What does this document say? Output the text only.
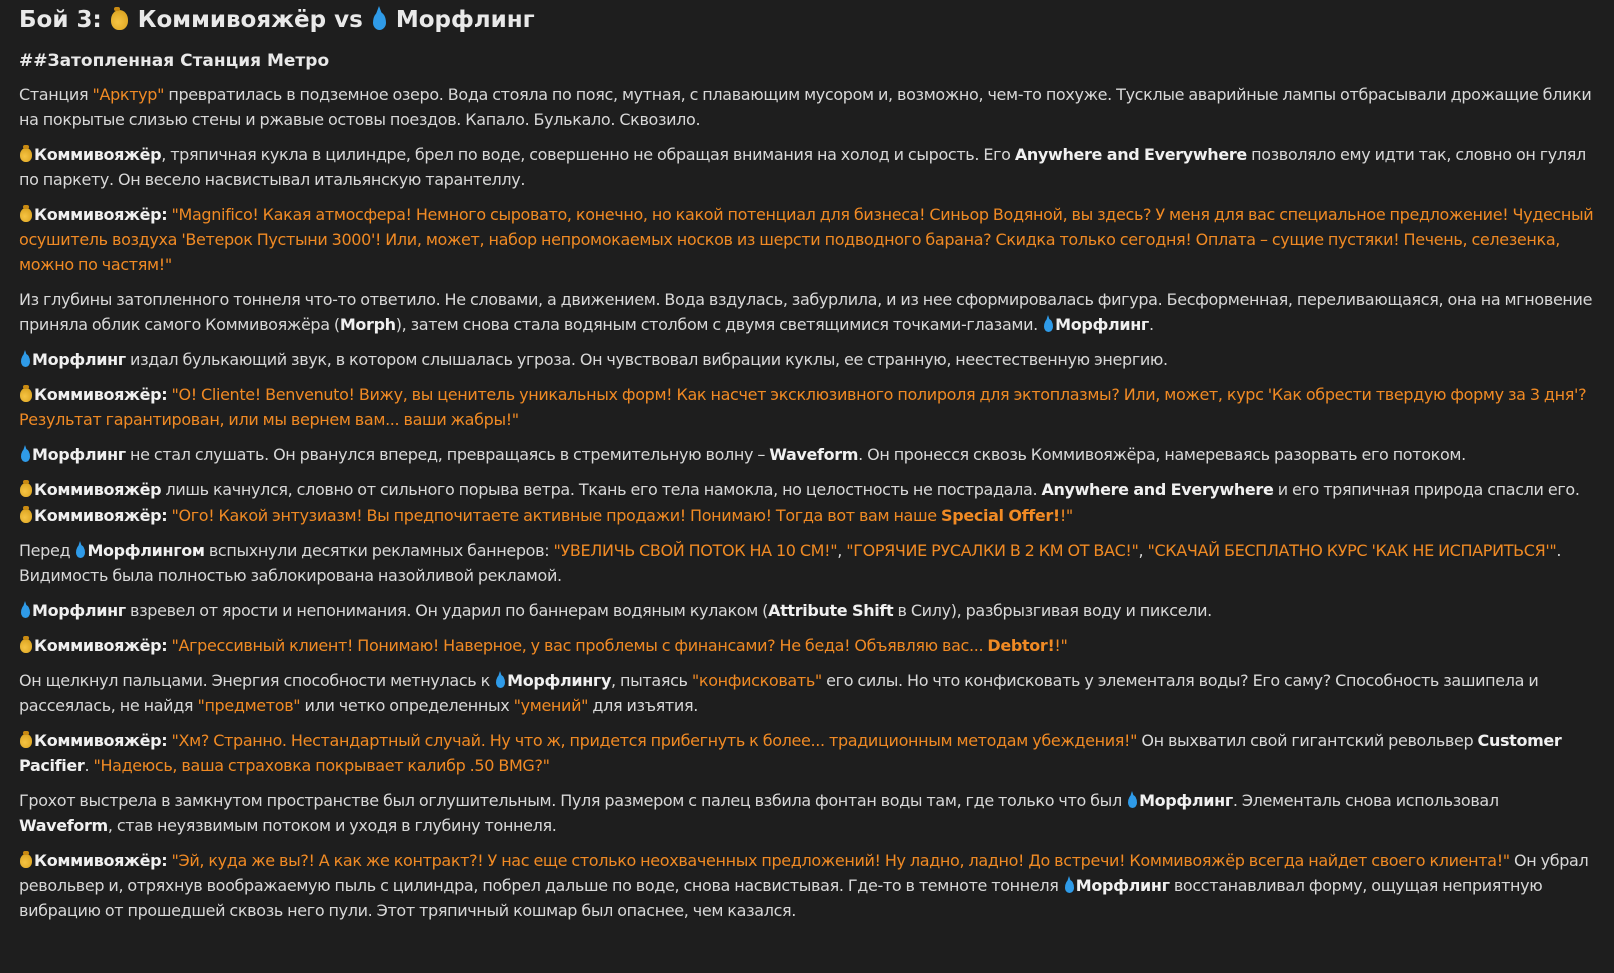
Бой 3:  Коммивояжёр vs  Морфлинг
##Затопленная Станция Метро

Станция "Арктур" превратилась в подземное озеро. Вода стояла по пояс, мутная, с плавающим мусором и, возможно, чем-то похуже. Тусклые аварийные лампы отбрасывали дрожащие блики на покрытые слизью стены и ржавые остовы поездов. Капало. Булькало. Сквозило.

Коммивояжёр, тряпичная кукла в цилиндре, брел по воде, совершенно не обращая внимания на холод и сырость. Его Anywhere and Everywhere позволяло ему идти так, словно он гулял по паркету. Он весело насвистывал итальянскую тарантеллу.

Коммивояжёр: "Magnifico! Какая атмосфера! Немного сыровато, конечно, но какой потенциал для бизнеса! Синьор Водяной, вы здесь? У меня для вас специальное предложение! Чудесный осушитель воздуха 'Ветерок Пустыни 3000'! Или, может, набор непромокаемых носков из шерсти подводного барана? Скидка только сегодня! Оплата – сущие пустяки! Печень, селезенка, можно по частям!"

Из глубины затопленного тоннеля что-то ответило. Не словами, а движением. Вода вздулась, забурлила, и из нее сформировалась фигура. Бесформенная, переливающаяся, она на мгновение приняла облик самого Коммивояжёра (Morph), затем снова стала водяным столбом с двумя светящимися точками-глазами. Морфлинг.

Морфлинг издал булькающий звук, в котором слышалась угроза. Он чувствовал вибрации куклы, ее странную, неестественную энергию.

Коммивояжёр: "O! Cliente! Benvenuto! Вижу, вы ценитель уникальных форм! Как насчет эксклюзивного полироля для эктоплазмы? Или, может, курс 'Как обрести твердую форму за 3 дня'? Результат гарантирован, или мы вернем вам... ваши жабры!"

Морфлинг не стал слушать. Он рванулся вперед, превращаясь в стремительную волну – Waveform. Он пронесся сквозь Коммивояжёра, намереваясь разорвать его потоком.

Коммивояжёр лишь качнулся, словно от сильного порыва ветра. Ткань его тела намокла, но целостность не пострадала. Anywhere and Everywhere и его тряпичная природа спасли его.

Коммивояжёр: "Ого! Какой энтузиазм! Вы предпочитаете активные продажи! Понимаю! Тогда вот вам наше Special Offer!!"

Перед Морфлингом вспыхнули десятки рекламных баннеров: "УВЕЛИЧЬ СВОЙ ПОТОК НА 10 СМ!", "ГОРЯЧИЕ РУСАЛКИ В 2 КМ ОТ ВАС!", "СКАЧАЙ БЕСПЛАТНО КУРС 'КАК НЕ ИСПАРИТЬСЯ'". Видимость была полностью заблокирована назойливой рекламой.

Морфлинг взревел от ярости и непонимания. Он ударил по баннерам водяным кулаком (Attribute Shift в Силу), разбрызгивая воду и пиксели.

Коммивояжёр: "Агрессивный клиент! Понимаю! Наверное, у вас проблемы с финансами? Не беда! Объявляю вас... Debtor!!"

Он щелкнул пальцами. Энергия способности метнулась к Морфлингу, пытаясь "конфисковать" его силы. Но что конфисковать у элементаля воды? Его саму? Способность зашипела и рассеялась, не найдя "предметов" или четко определенных "умений" для изъятия.

Коммивояжёр: "Хм? Странно. Нестандартный случай. Ну что ж, придется прибегнуть к более... традиционным методам убеждения!" Он выхватил свой гигантский револьвер Customer Pacifier. "Надеюсь, ваша страховка покрывает калибр .50 BMG?"

Грохот выстрела в замкнутом пространстве был оглушительным. Пуля размером с палец взбила фонтан воды там, где только что был Морфлинг. Элементаль снова использовал Waveform, став неуязвимым потоком и уходя в глубину тоннеля.

Коммивояжёр: "Эй, куда же вы?! А как же контракт?! У нас еще столько неохваченных предложений! Ну ладно, ладно! До встречи! Коммивояжёр всегда найдет своего клиента!" Он убрал револьвер и, отряхнув воображаемую пыль с цилиндра, побрел дальше по воде, снова насвистывая. Где-то в темноте тоннеля Морфлинг восстанавливал форму, ощущая неприятную вибрацию от прошедшей сквозь него пули. Этот тряпичный кошмар был опаснее, чем казался.
